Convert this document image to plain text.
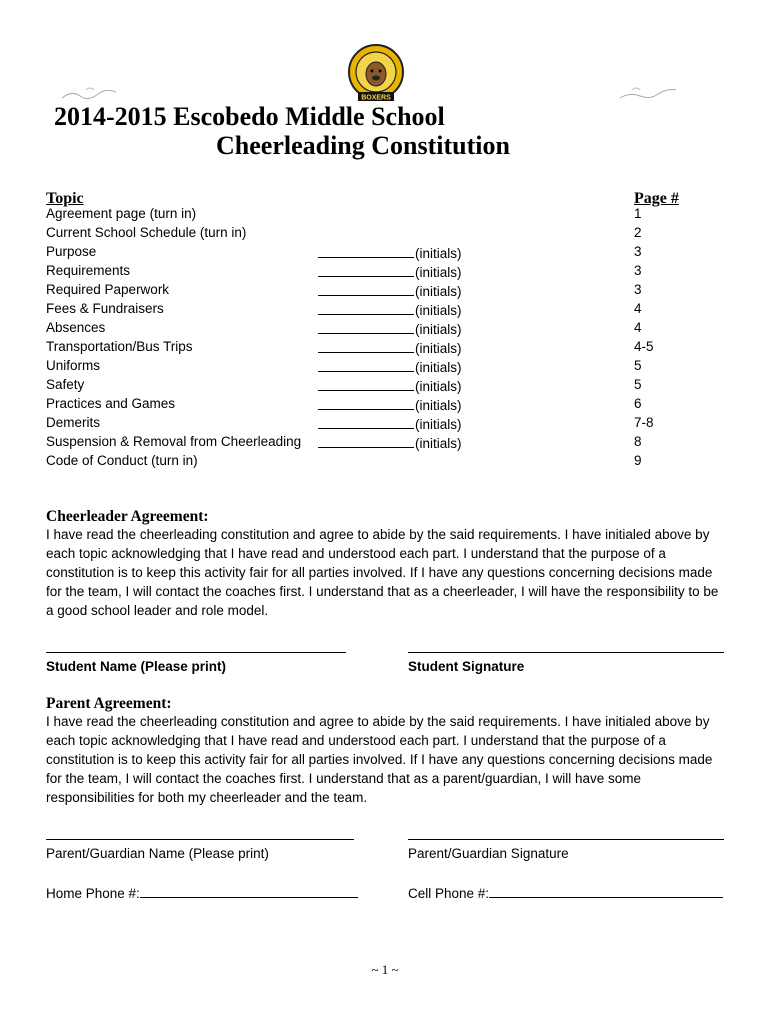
BOXERS
2014-2015 Escobedo Middle School
Cheerleading Constitution
Topic	Page #
Agreement page (turn in)	1
Current School Schedule (turn in)	2
Purpose	(initials)	3
Requirements	(initials)	3
Required Paperwork	(initials)	3
Fees & Fundraisers	(initials)	4
Absences	(initials)	4
Transportation/Bus Trips	(initials)	4-5
Uniforms	(initials)	5
Safety	(initials)	5
Practices and Games	(initials)	6
Demerits	(initials)	7-8
Suspension & Removal from Cheerleading	(initials)	8
Code of Conduct (turn in)	9
Cheerleader Agreement:
I have read the cheerleading constitution and agree to abide by the said requirements. I have initialed above by each topic acknowledging that I have read and understood each part. I understand that the purpose of a constitution is to keep this activity fair for all parties involved. If I have any questions concerning decisions made for the team, I will contact the coaches first. I understand that as a cheerleader, I will have the responsibility to be a good school leader and role model.
Student Name (Please print)	Student Signature
Parent Agreement:
I have read the cheerleading constitution and agree to abide by the said requirements. I have initialed above by each topic acknowledging that I have read and understood each part. I understand that the purpose of a constitution is to keep this activity fair for all parties involved. If I have any questions concerning decisions made for the team, I will contact the coaches first. I understand that as a parent/guardian, I will have some responsibilities for both my cheerleader and the team.
Parent/Guardian Name (Please print)	Parent/Guardian Signature
Home Phone #:	Cell Phone #:
~ 1 ~
